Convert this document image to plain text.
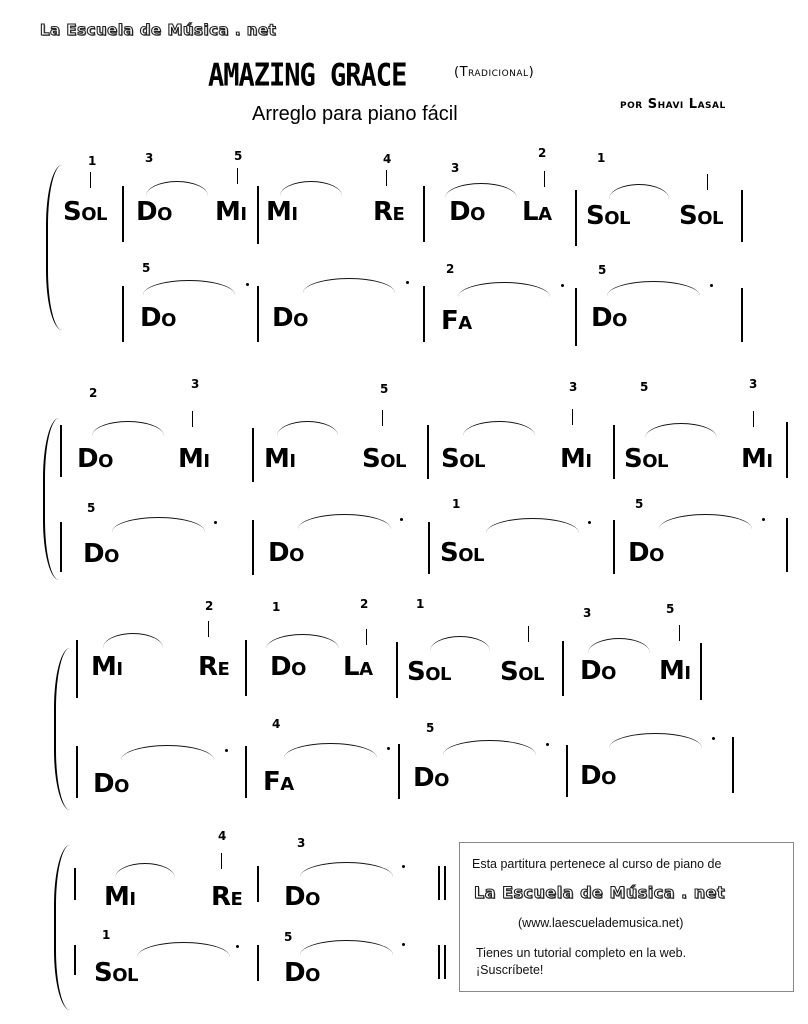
La Escuela de Música . net
AMAZING GRACE	(Tradicional)
Arreglo para piano fácil	por Shavi Lasal
1
Sol
3
Do
5
Mi Mi
4
Re
3
Do
2
La
1
Sol Sol
5
Do	Do
2
Fa
5
Do
2
Do
3
Mi Mi
5
Sol Sol
3
Mi
5
Sol
3
Mi
5
Do	Do
1
Sol
5
Do
Mi
2
Re
1
Do
2
La
1
Sol Sol
3
Do
5
Mi
Do
4
Fa
5
Do	Do
Mi
4
Re
3
Do
1
Sol
5
Do
Esta partitura pertenece al curso de piano de
La Escuela de Música . net
(www.laescuelademusica.net)
Tienes un tutorial completo en la web.
¡Suscríbete!
